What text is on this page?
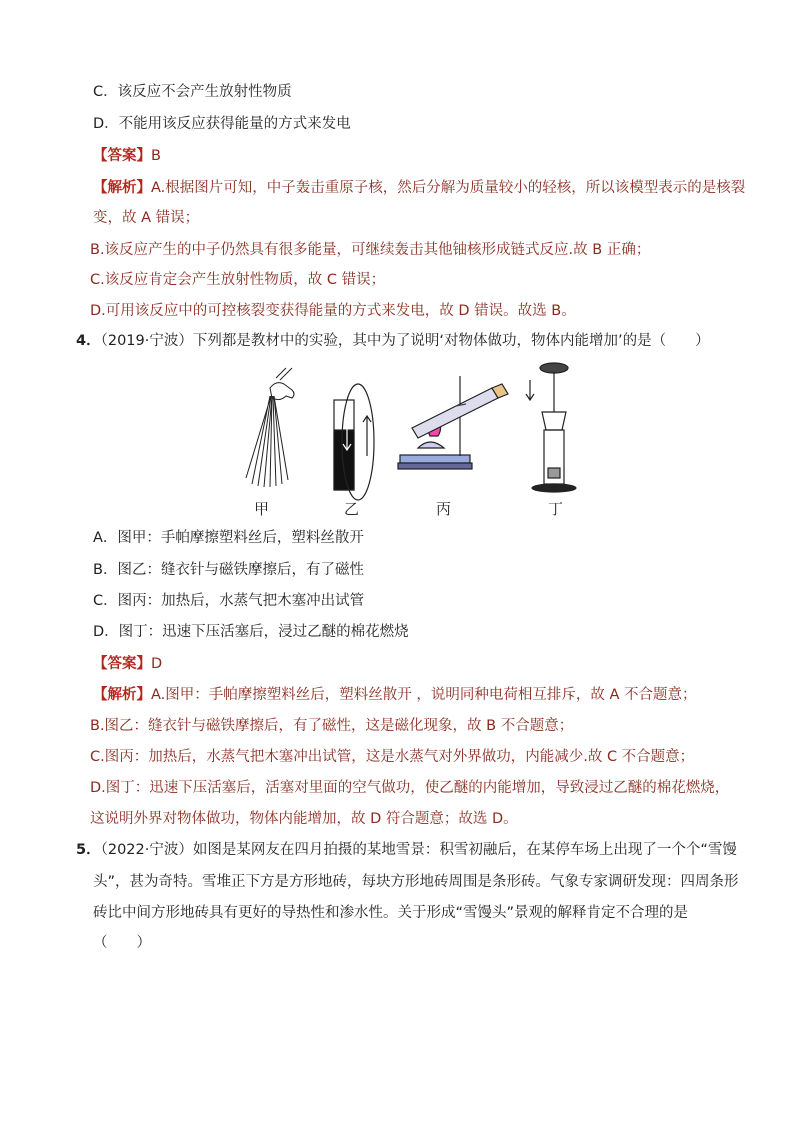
C．该反应不会产生放射性物质
D．不能用该反应获得能量的方式来发电
【答案】B
【解析】A.根据图片可知，中子轰击重原子核，然后分解为质量较小的轻核，所以该模型表示的是核裂
变，故 A 错误；
B.该反应产生的中子仍然具有很多能量，可继续轰击其他铀核形成链式反应.故 B 正确；
C.该反应肯定会产生放射性物质，故 C 错误；
D.可用该反应中的可控核裂变获得能量的方式来发电，故 D 错误。故选 B。
4．（2019·宁波）下列都是教材中的实验，其中为了说明‘对物体做功，物体内能增加’的是（　　）
甲	乙	丙	丁
A．图甲：手帕摩擦塑料丝后，塑料丝散开
B．图乙：缝衣针与磁铁摩擦后，有了磁性
C．图丙：加热后，水蒸气把木塞冲出试管
D．图丁：迅速下压活塞后，浸过乙醚的棉花燃烧
【答案】D
【解析】A.图甲：手帕摩擦塑料丝后，塑料丝散开 ，说明同种电荷相互排斥，故 A 不合题意；
B.图乙：缝衣针与磁铁摩擦后，有了磁性，这是磁化现象，故 B 不合题意；
C.图丙：加热后，水蒸气把木塞冲出试管，这是水蒸气对外界做功，内能减少.故 C 不合题意；
D.图丁：迅速下压活塞后，活塞对里面的空气做功，使乙醚的内能增加，导致浸过乙醚的棉花燃烧，
这说明外界对物体做功，物体内能增加，故 D 符合题意；故选 D。
5．（2022·宁波）如图是某网友在四月拍摄的某地雪景：积雪初融后，在某停车场上出现了一个个“雪馒
头”，甚为奇特。雪堆正下方是方形地砖，每块方形地砖周围是条形砖。气象专家调研发现：四周条形
砖比中间方形地砖具有更好的导热性和渗水性。关于形成“雪馒头”景观的解释肯定不合理的是
（　　）
